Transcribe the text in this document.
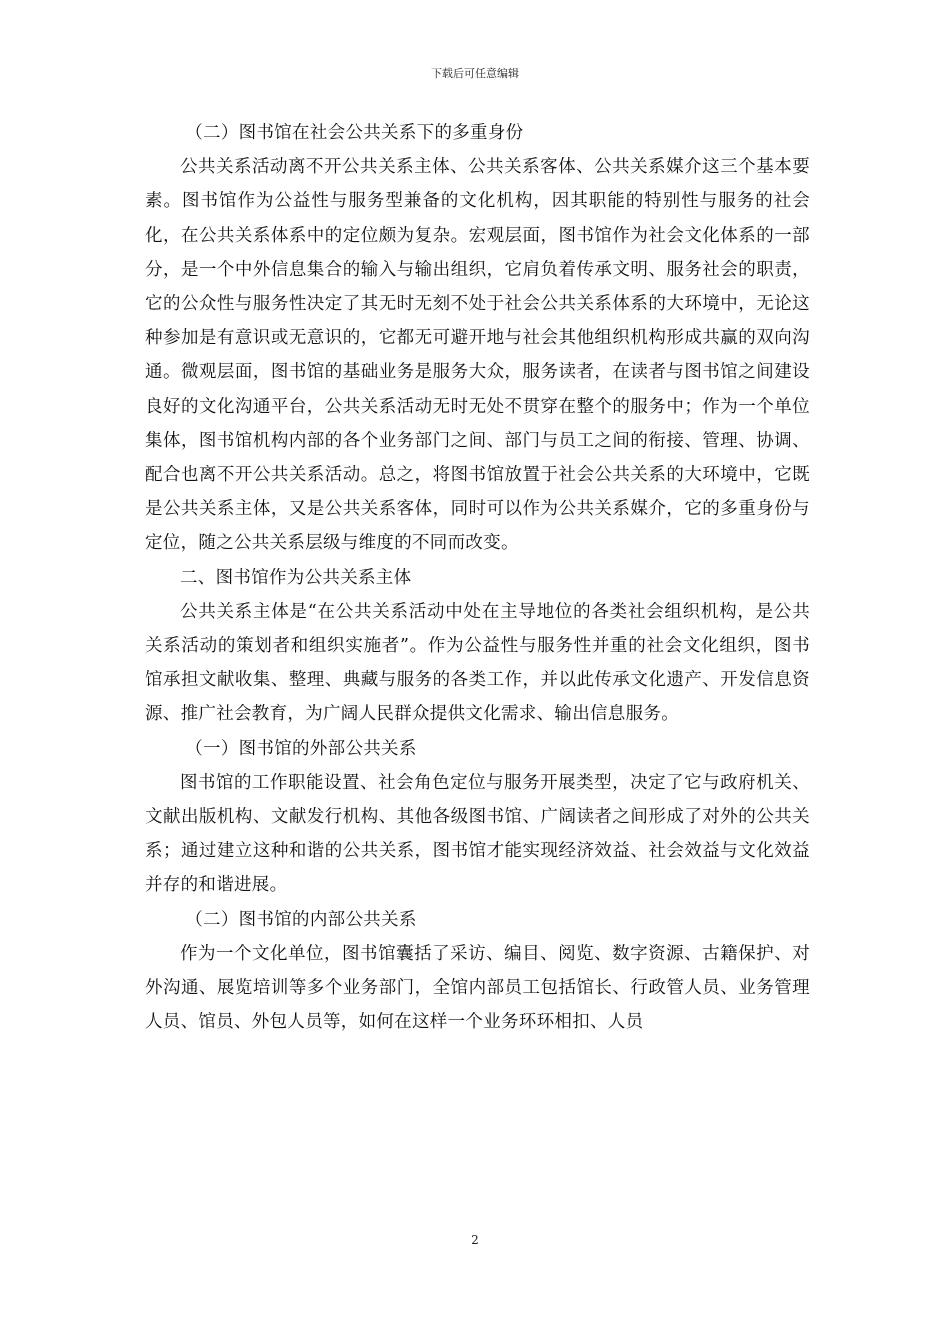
下载后可任意编辑

（二）图书馆在社会公共关系下的多重身份

公共关系活动离不开公共关系主体、公共关系客体、公共关系媒介这三个基本要素。图书馆作为公益性与服务型兼备的文化机构，因其职能的特别性与服务的社会化，在公共关系体系中的定位颇为复杂。宏观层面，图书馆作为社会文化体系的一部分，是一个中外信息集合的输入与输出组织，它肩负着传承文明、服务社会的职责，它的公众性与服务性决定了其无时无刻不处于社会公共关系体系的大环境中，无论这种参加是有意识或无意识的，它都无可避开地与社会其他组织机构形成共赢的双向沟通。微观层面，图书馆的基础业务是服务大众，服务读者，在读者与图书馆之间建设良好的文化沟通平台，公共关系活动无时无处不贯穿在整个的服务中；作为一个单位集体，图书馆机构内部的各个业务部门之间、部门与员工之间的衔接、管理、协调、配合也离不开公共关系活动。总之，将图书馆放置于社会公共关系的大环境中，它既是公共关系主体，又是公共关系客体，同时可以作为公共关系媒介，它的多重身份与定位，随之公共关系层级与维度的不同而改变。

二、图书馆作为公共关系主体

公共关系主体是“在公共关系活动中处在主导地位的各类社会组织机构，是公共关系活动的策划者和组织实施者”。作为公益性与服务性并重的社会文化组织，图书馆承担文献收集、整理、典藏与服务的各类工作，并以此传承文化遗产、开发信息资源、推广社会教育，为广阔人民群众提供文化需求、输出信息服务。

（一）图书馆的外部公共关系

图书馆的工作职能设置、社会角色定位与服务开展类型，决定了它与政府机关、文献出版机构、文献发行机构、其他各级图书馆、广阔读者之间形成了对外的公共关系；通过建立这种和谐的公共关系，图书馆才能实现经济效益、社会效益与文化效益并存的和谐进展。

（二）图书馆的内部公共关系

作为一个文化单位，图书馆囊括了采访、编目、阅览、数字资源、古籍保护、对外沟通、展览培训等多个业务部门，全馆内部员工包括馆长、行政管人员、业务管理人员、馆员、外包人员等，如何在这样一个业务环环相扣、人员

2
